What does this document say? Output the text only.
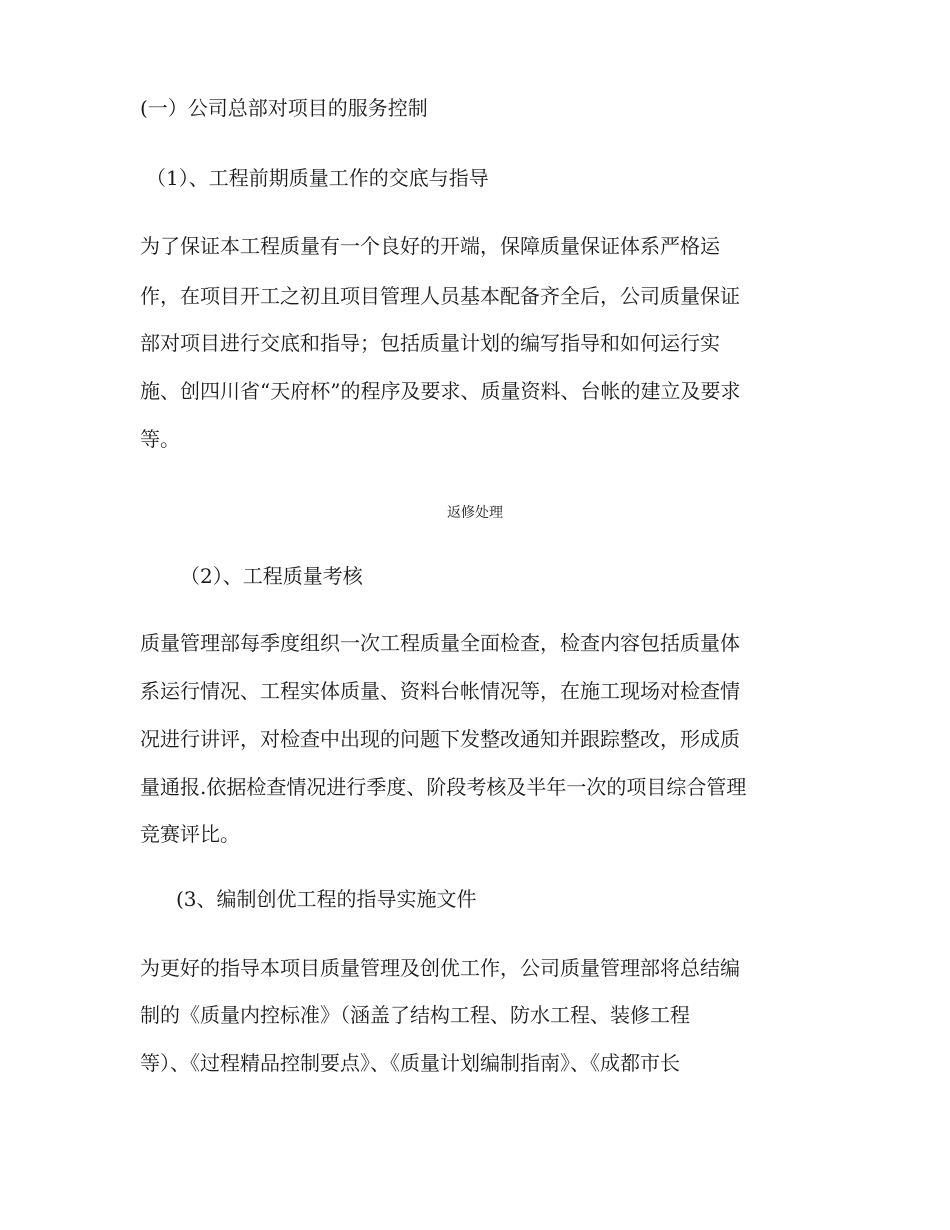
(一）公司总部对项目的服务控制

（1）、工程前期质量工作的交底与指导

为了保证本工程质量有一个良好的开端，保障质量保证体系严格运

作，在项目开工之初且项目管理人员基本配备齐全后，公司质量保证

部对项目进行交底和指导；包括质量计划的编写指导和如何运行实

施、创四川省“天府杯”的程序及要求、质量资料、台帐的建立及要求

等。

返修处理

（2）、工程质量考核

质量管理部每季度组织一次工程质量全面检查，检查内容包括质量体

系运行情况、工程实体质量、资料台帐情况等，在施工现场对检查情

况进行讲评，对检查中出现的问题下发整改通知并跟踪整改，形成质

量通报.依据检查情况进行季度、阶段考核及半年一次的项目综合管理

竞赛评比。

(3、编制创优工程的指导实施文件

为更好的指导本项目质量管理及创优工作，公司质量管理部将总结编

制的《质量内控标准》（涵盖了结构工程、防水工程、装修工程

等）、《过程精品控制要点》、《质量计划编制指南》、《成都市长
